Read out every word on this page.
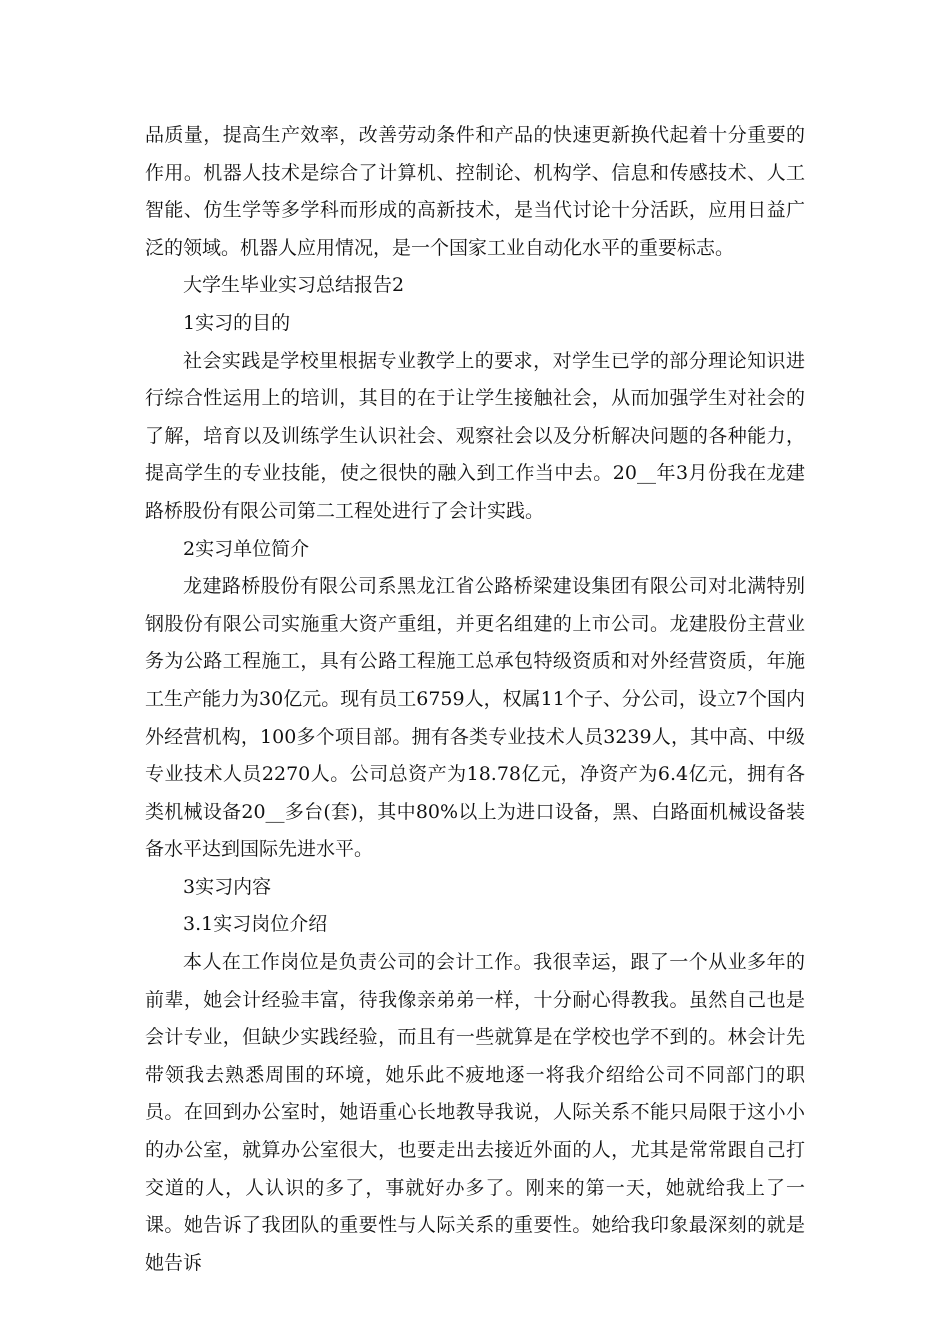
品质量，提高生产效率，改善劳动条件和产品的快速更新换代起着十分重要的作用。机器人技术是综合了计算机、控制论、机构学、信息和传感技术、人工智能、仿生学等多学科而形成的高新技术，是当代讨论十分活跃，应用日益广泛的领域。机器人应用情况，是一个国家工业自动化水平的重要标志。

大学生毕业实习总结报告2

1实习的目的

社会实践是学校里根据专业教学上的要求，对学生已学的部分理论知识进行综合性运用上的培训，其目的在于让学生接触社会，从而加强学生对社会的了解，培育以及训练学生认识社会、观察社会以及分析解决问题的各种能力，提高学生的专业技能，使之很快的融入到工作当中去。20__年3月份我在龙建路桥股份有限公司第二工程处进行了会计实践。

2实习单位简介

龙建路桥股份有限公司系黑龙江省公路桥梁建设集团有限公司对北满特别钢股份有限公司实施重大资产重组，并更名组建的上市公司。龙建股份主营业务为公路工程施工，具有公路工程施工总承包特级资质和对外经营资质，年施工生产能力为30亿元。现有员工6759人，权属11个子、分公司，设立7个国内外经营机构，100多个项目部。拥有各类专业技术人员3239人，其中高、中级专业技术人员2270人。公司总资产为18.78亿元，净资产为6.4亿元，拥有各类机械设备20__多台(套)，其中80%以上为进口设备，黑、白路面机械设备装备水平达到国际先进水平。

3实习内容

3.1实习岗位介绍

本人在工作岗位是负责公司的会计工作。我很幸运，跟了一个从业多年的前辈，她会计经验丰富，待我像亲弟弟一样，十分耐心得教我。虽然自己也是会计专业，但缺少实践经验，而且有一些就算是在学校也学不到的。林会计先带领我去熟悉周围的环境，她乐此不疲地逐一将我介绍给公司不同部门的职员。在回到办公室时，她语重心长地教导我说，人际关系不能只局限于这小小的办公室，就算办公室很大，也要走出去接近外面的人，尤其是常常跟自己打交道的人，人认识的多了，事就好办多了。刚来的第一天，她就给我上了一课。她告诉了我团队的重要性与人际关系的重要性。她给我印象最深刻的就是她告诉
